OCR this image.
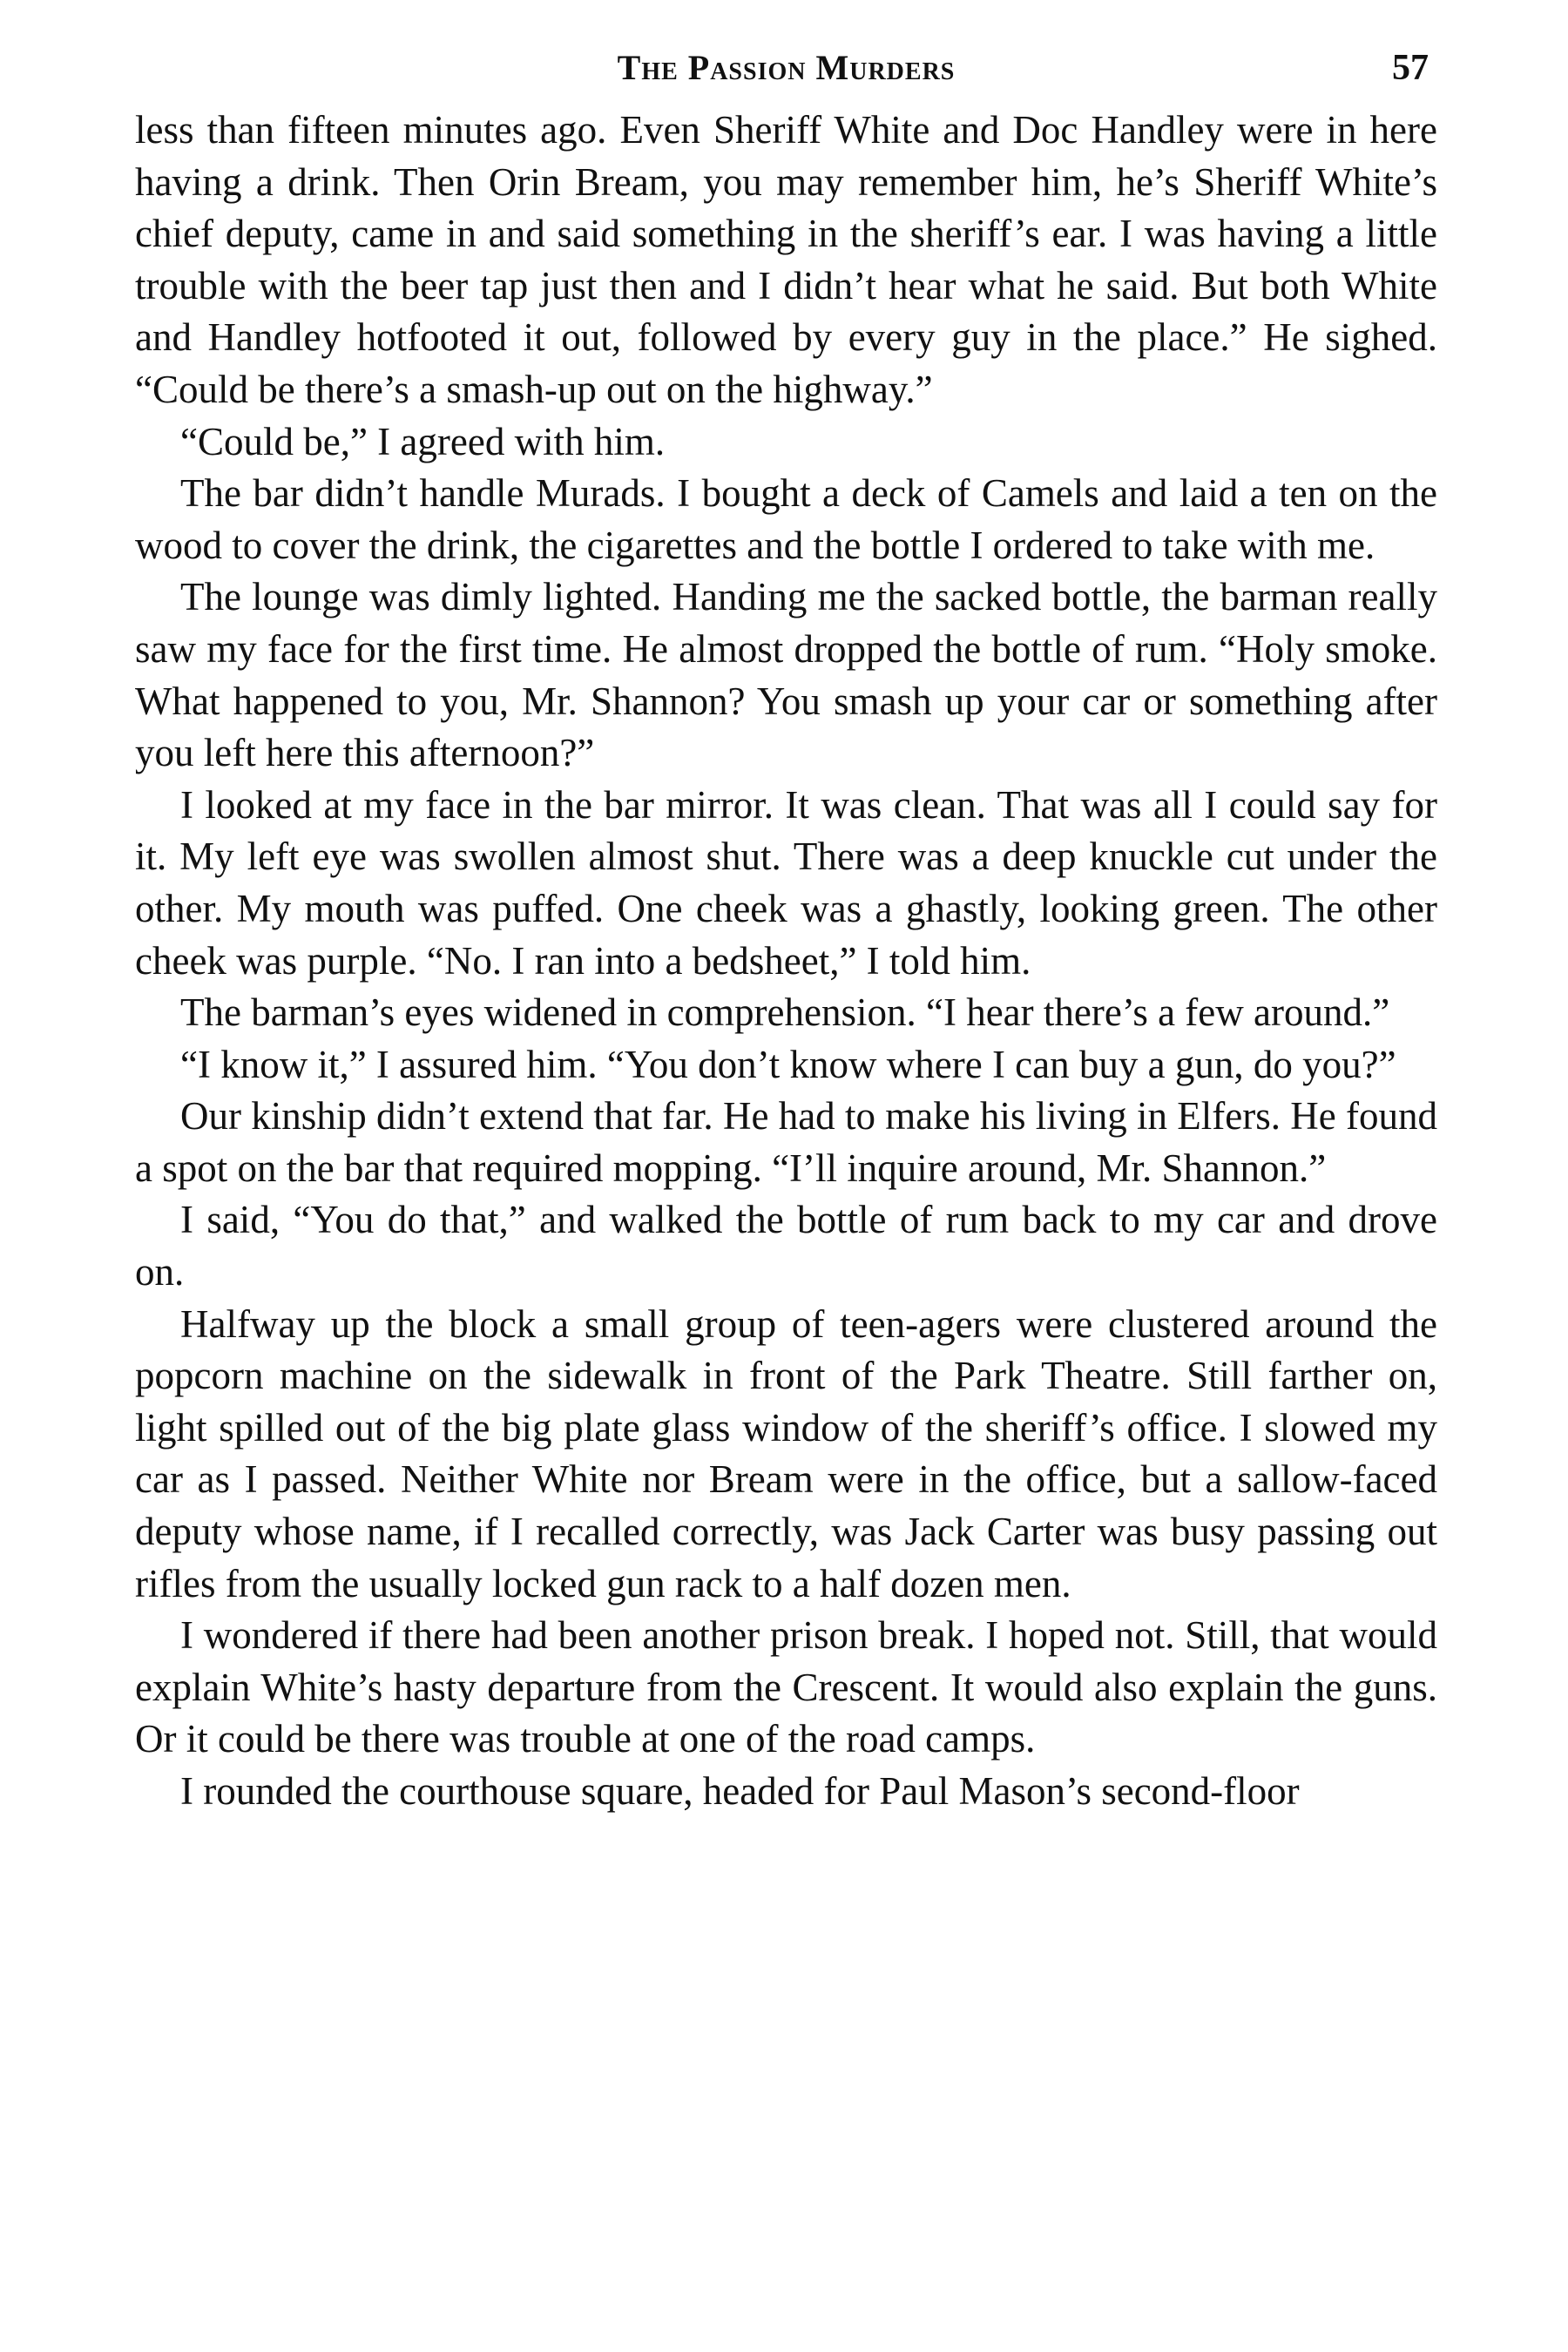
The Passion Murders	57

less than fifteen minutes ago. Even Sheriff White and Doc Handley were in here having a drink. Then Orin Bream, you may remember him, he’s Sheriff White’s chief deputy, came in and said something in the sheriff’s ear. I was having a little trouble with the beer tap just then and I didn’t hear what he said. But both White and Handley hotfooted it out, followed by every guy in the place.” He sighed. “Could be there’s a smash-up out on the highway.”

“Could be,” I agreed with him.

The bar didn’t handle Murads. I bought a deck of Camels and laid a ten on the wood to cover the drink, the cigarettes and the bottle I ordered to take with me.

The lounge was dimly lighted. Handing me the sacked bottle, the barman really saw my face for the first time. He almost dropped the bottle of rum. “Holy smoke. What happened to you, Mr. Shannon? You smash up your car or something after you left here this afternoon?”

I looked at my face in the bar mirror. It was clean. That was all I could say for it. My left eye was swollen almost shut. There was a deep knuckle cut under the other. My mouth was puffed. One cheek was a ghastly, looking green. The other cheek was purple. “No. I ran into a bedsheet,” I told him.

The barman’s eyes widened in comprehension. “I hear there’s a few around.”

“I know it,” I assured him. “You don’t know where I can buy a gun, do you?”

Our kinship didn’t extend that far. He had to make his living in Elfers. He found a spot on the bar that required mopping. “I’ll inquire around, Mr. Shannon.”

I said, “You do that,” and walked the bottle of rum back to my car and drove on.

Halfway up the block a small group of teen-agers were clustered around the popcorn machine on the sidewalk in front of the Park Theatre. Still farther on, light spilled out of the big plate glass window of the sheriff’s office. I slowed my car as I passed. Neither White nor Bream were in the office, but a sallow-faced deputy whose name, if I recalled correctly, was Jack Carter was busy passing out rifles from the usually locked gun rack to a half dozen men.

I wondered if there had been another prison break. I hoped not. Still, that would explain White’s hasty departure from the Crescent. It would also explain the guns. Or it could be there was trouble at one of the road camps.

I rounded the courthouse square, headed for Paul Mason’s second-floor
